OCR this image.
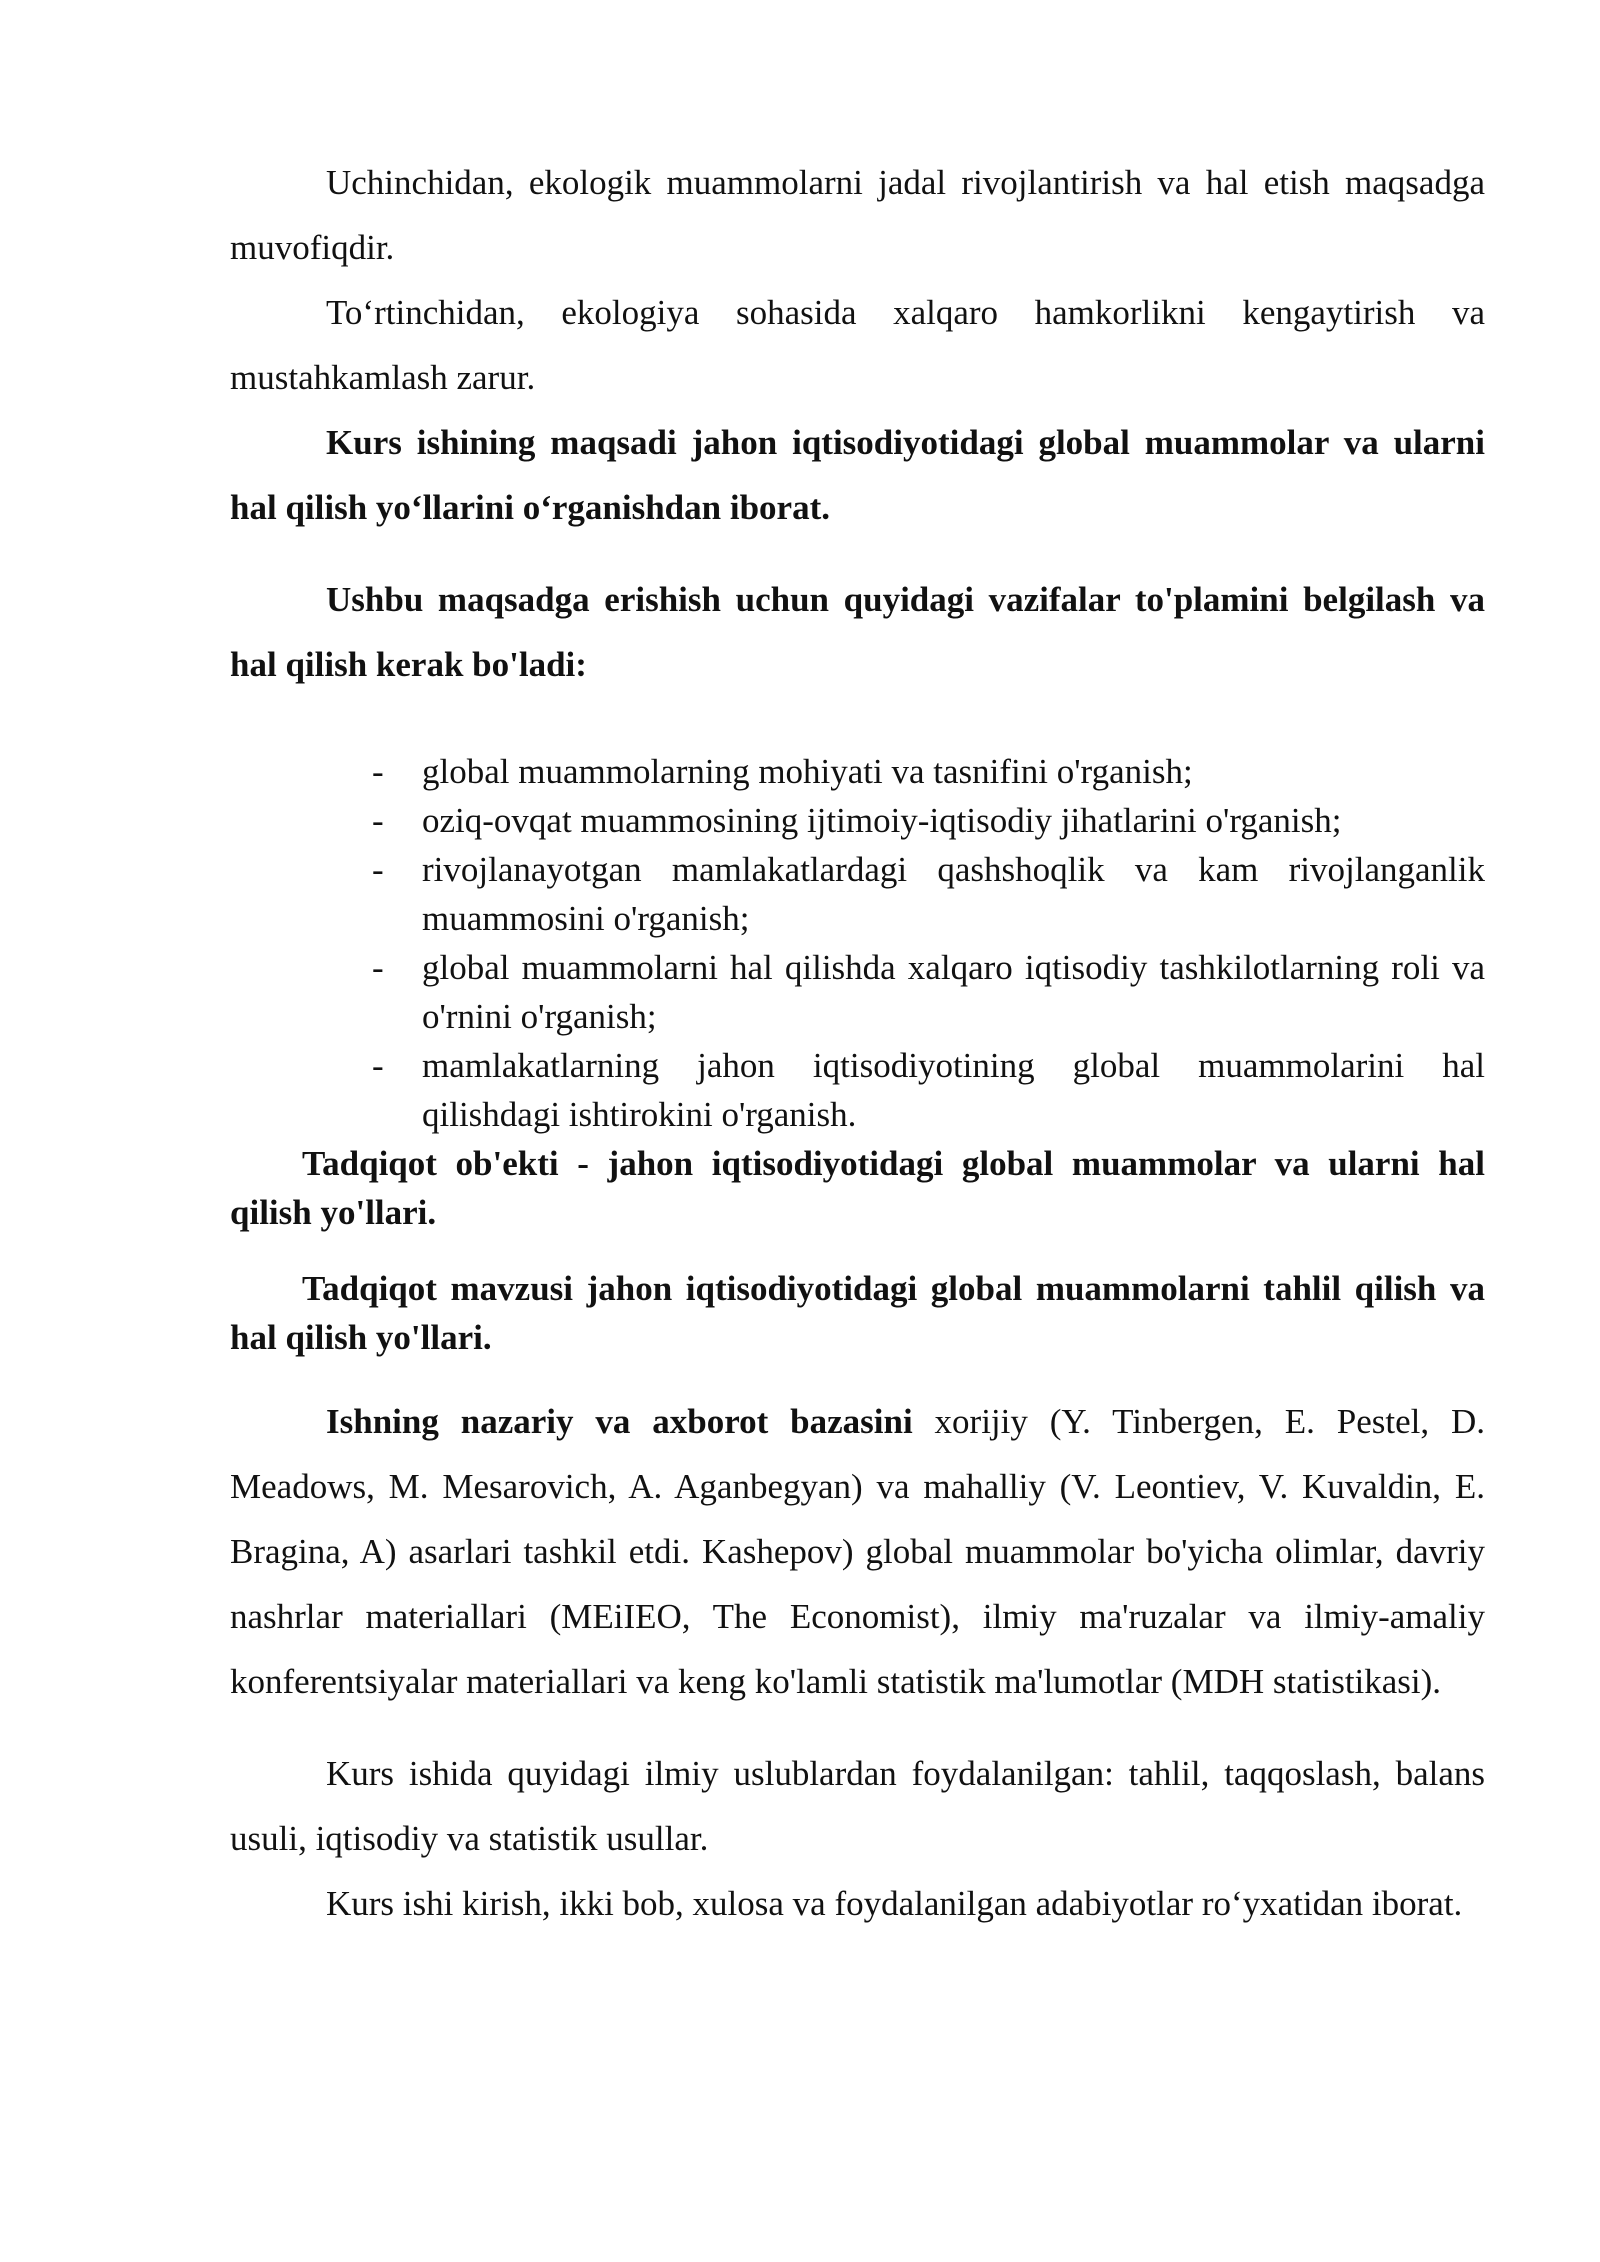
Uchinchidan, ekologik muammolarni jadal rivojlantirish va hal etish maqsadga muvofiqdir.

To‘rtinchidan, ekologiya sohasida xalqaro hamkorlikni kengaytirish va mustahkamlash zarur.

Kurs ishining maqsadi jahon iqtisodiyotidagi global muammolar va ularni hal qilish yo‘llarini o‘rganishdan iborat.

Ushbu maqsadga erishish uchun quyidagi vazifalar to'plamini belgilash va hal qilish kerak bo'ladi:

- global muammolarning mohiyati va tasnifini o'rganish;
- oziq-ovqat muammosining ijtimoiy-iqtisodiy jihatlarini o'rganish;
- rivojlanayotgan mamlakatlardagi qashshoqlik va kam rivojlanganlik muammosini o'rganish;
- global muammolarni hal qilishda xalqaro iqtisodiy tashkilotlarning roli va o'rnini o'rganish;
- mamlakatlarning jahon iqtisodiyotining global muammolarini hal qilishdagi ishtirokini o'rganish.

Tadqiqot ob'ekti - jahon iqtisodiyotidagi global muammolar va ularni hal qilish yo'llari.

Tadqiqot mavzusi jahon iqtisodiyotidagi global muammolarni tahlil qilish va hal qilish yo'llari.

Ishning nazariy va axborot bazasini xorijiy (Y. Tinbergen, E. Pestel, D. Meadows, M. Mesarovich, A. Aganbegyan) va mahalliy (V. Leontiev, V. Kuvaldin, E. Bragina, A) asarlari tashkil etdi. Kashepov) global muammolar bo'yicha olimlar, davriy nashrlar materiallari (MEiIEO, The Economist), ilmiy ma'ruzalar va ilmiy-amaliy konferentsiyalar materiallari va keng ko'lamli statistik ma'lumotlar (MDH statistikasi).

Kurs ishida quyidagi ilmiy uslublardan foydalanilgan: tahlil, taqqoslash, balans usuli, iqtisodiy va statistik usullar.

Kurs ishi kirish, ikki bob, xulosa va foydalanilgan adabiyotlar ro‘yxatidan iborat.
